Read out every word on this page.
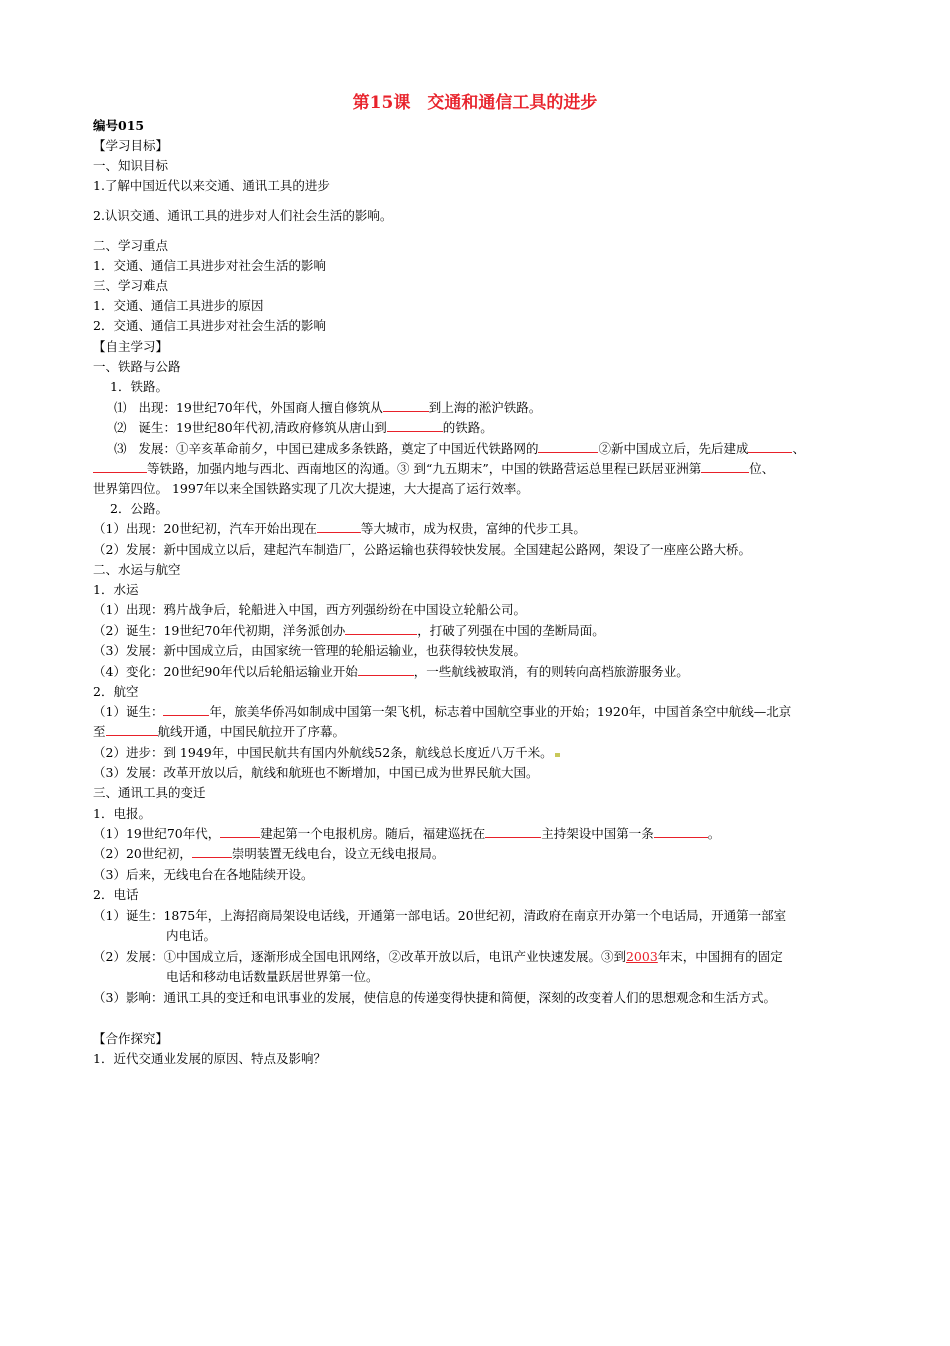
第15课　交通和通信工具的进步
编号015
【学习目标】
一、知识目标
1.了解中国近代以来交通、通讯工具的进步
2.认识交通、通讯工具的进步对人们社会生活的影响。
二、学习重点
1．交通、通信工具进步对社会生活的影响
三、学习难点
1．交通、通信工具进步的原因
2．交通、通信工具进步对社会生活的影响
【自主学习】
一、铁路与公路
1．铁路。
⑴ 出现：19世纪70年代，外国商人擅自修筑从	到上海的淞沪铁路。
⑵ 诞生：19世纪80年代初,清政府修筑从唐山到	的铁路。
⑶ 发展：①辛亥革命前夕，中国已建成多条铁路，奠定了中国近代铁路网的	②新中国成立后，先后建成	、
等铁路，加强内地与西北、西南地区的沟通。③ 到“九五期末”，中国的铁路营运总里程已跃居亚洲第	位、
世界第四位。 1997年以来全国铁路实现了几次大提速，大大提高了运行效率。
2．公路。
（1）出现：20世纪初，汽车开始出现在	等大城市，成为权贵，富绅的代步工具。
（2）发展：新中国成立以后，建起汽车制造厂，公路运输也获得较快发展。全国建起公路网，架设了一座座公路大桥。
二、水运与航空
1．水运
（1）出现：鸦片战争后，轮船进入中国，西方列强纷纷在中国设立轮船公司。
（2）诞生：19世纪70年代初期，洋务派创办	，打破了列强在中国的垄断局面。
（3）发展：新中国成立后，由国家统一管理的轮船运输业，也获得较快发展。
（4）变化：20世纪90年代以后轮船运输业开始	，一些航线被取消，有的则转向高档旅游服务业。
2．航空
（1）诞生：	年，旅美华侨冯如制成中国第一架飞机，标志着中国航空事业的开始；1920年，中国首条空中航线—北京
至	航线开通，中国民航拉开了序幕。
（2）进步：到 1949年，中国民航共有国内外航线52条，航线总长度近八万千米。
（3）发展：改革开放以后，航线和航班也不断增加，中国已成为世界民航大国。
三、通讯工具的变迁
1．电报。
（1）19世纪70年代，	建起第一个电报机房。随后，福建巡抚在	主持架设中国第一条	。
（2）20世纪初，	崇明装置无线电台，设立无线电报局。
（3）后来，无线电台在各地陆续开设。
2．电话
（1）诞生：1875年，上海招商局架设电话线，开通第一部电话。20世纪初，清政府在南京开办第一个电话局，开通第一部室
内电话。
（2）发展：①中国成立后，逐渐形成全国电讯网络，②改革开放以后，电讯产业快速发展。③到2003年末，中国拥有的固定
电话和移动电话数量跃居世界第一位。
（3）影响：通讯工具的变迁和电讯事业的发展，使信息的传递变得快捷和简便，深刻的改变着人们的思想观念和生活方式。
【合作探究】
1．近代交通业发展的原因、特点及影响？
